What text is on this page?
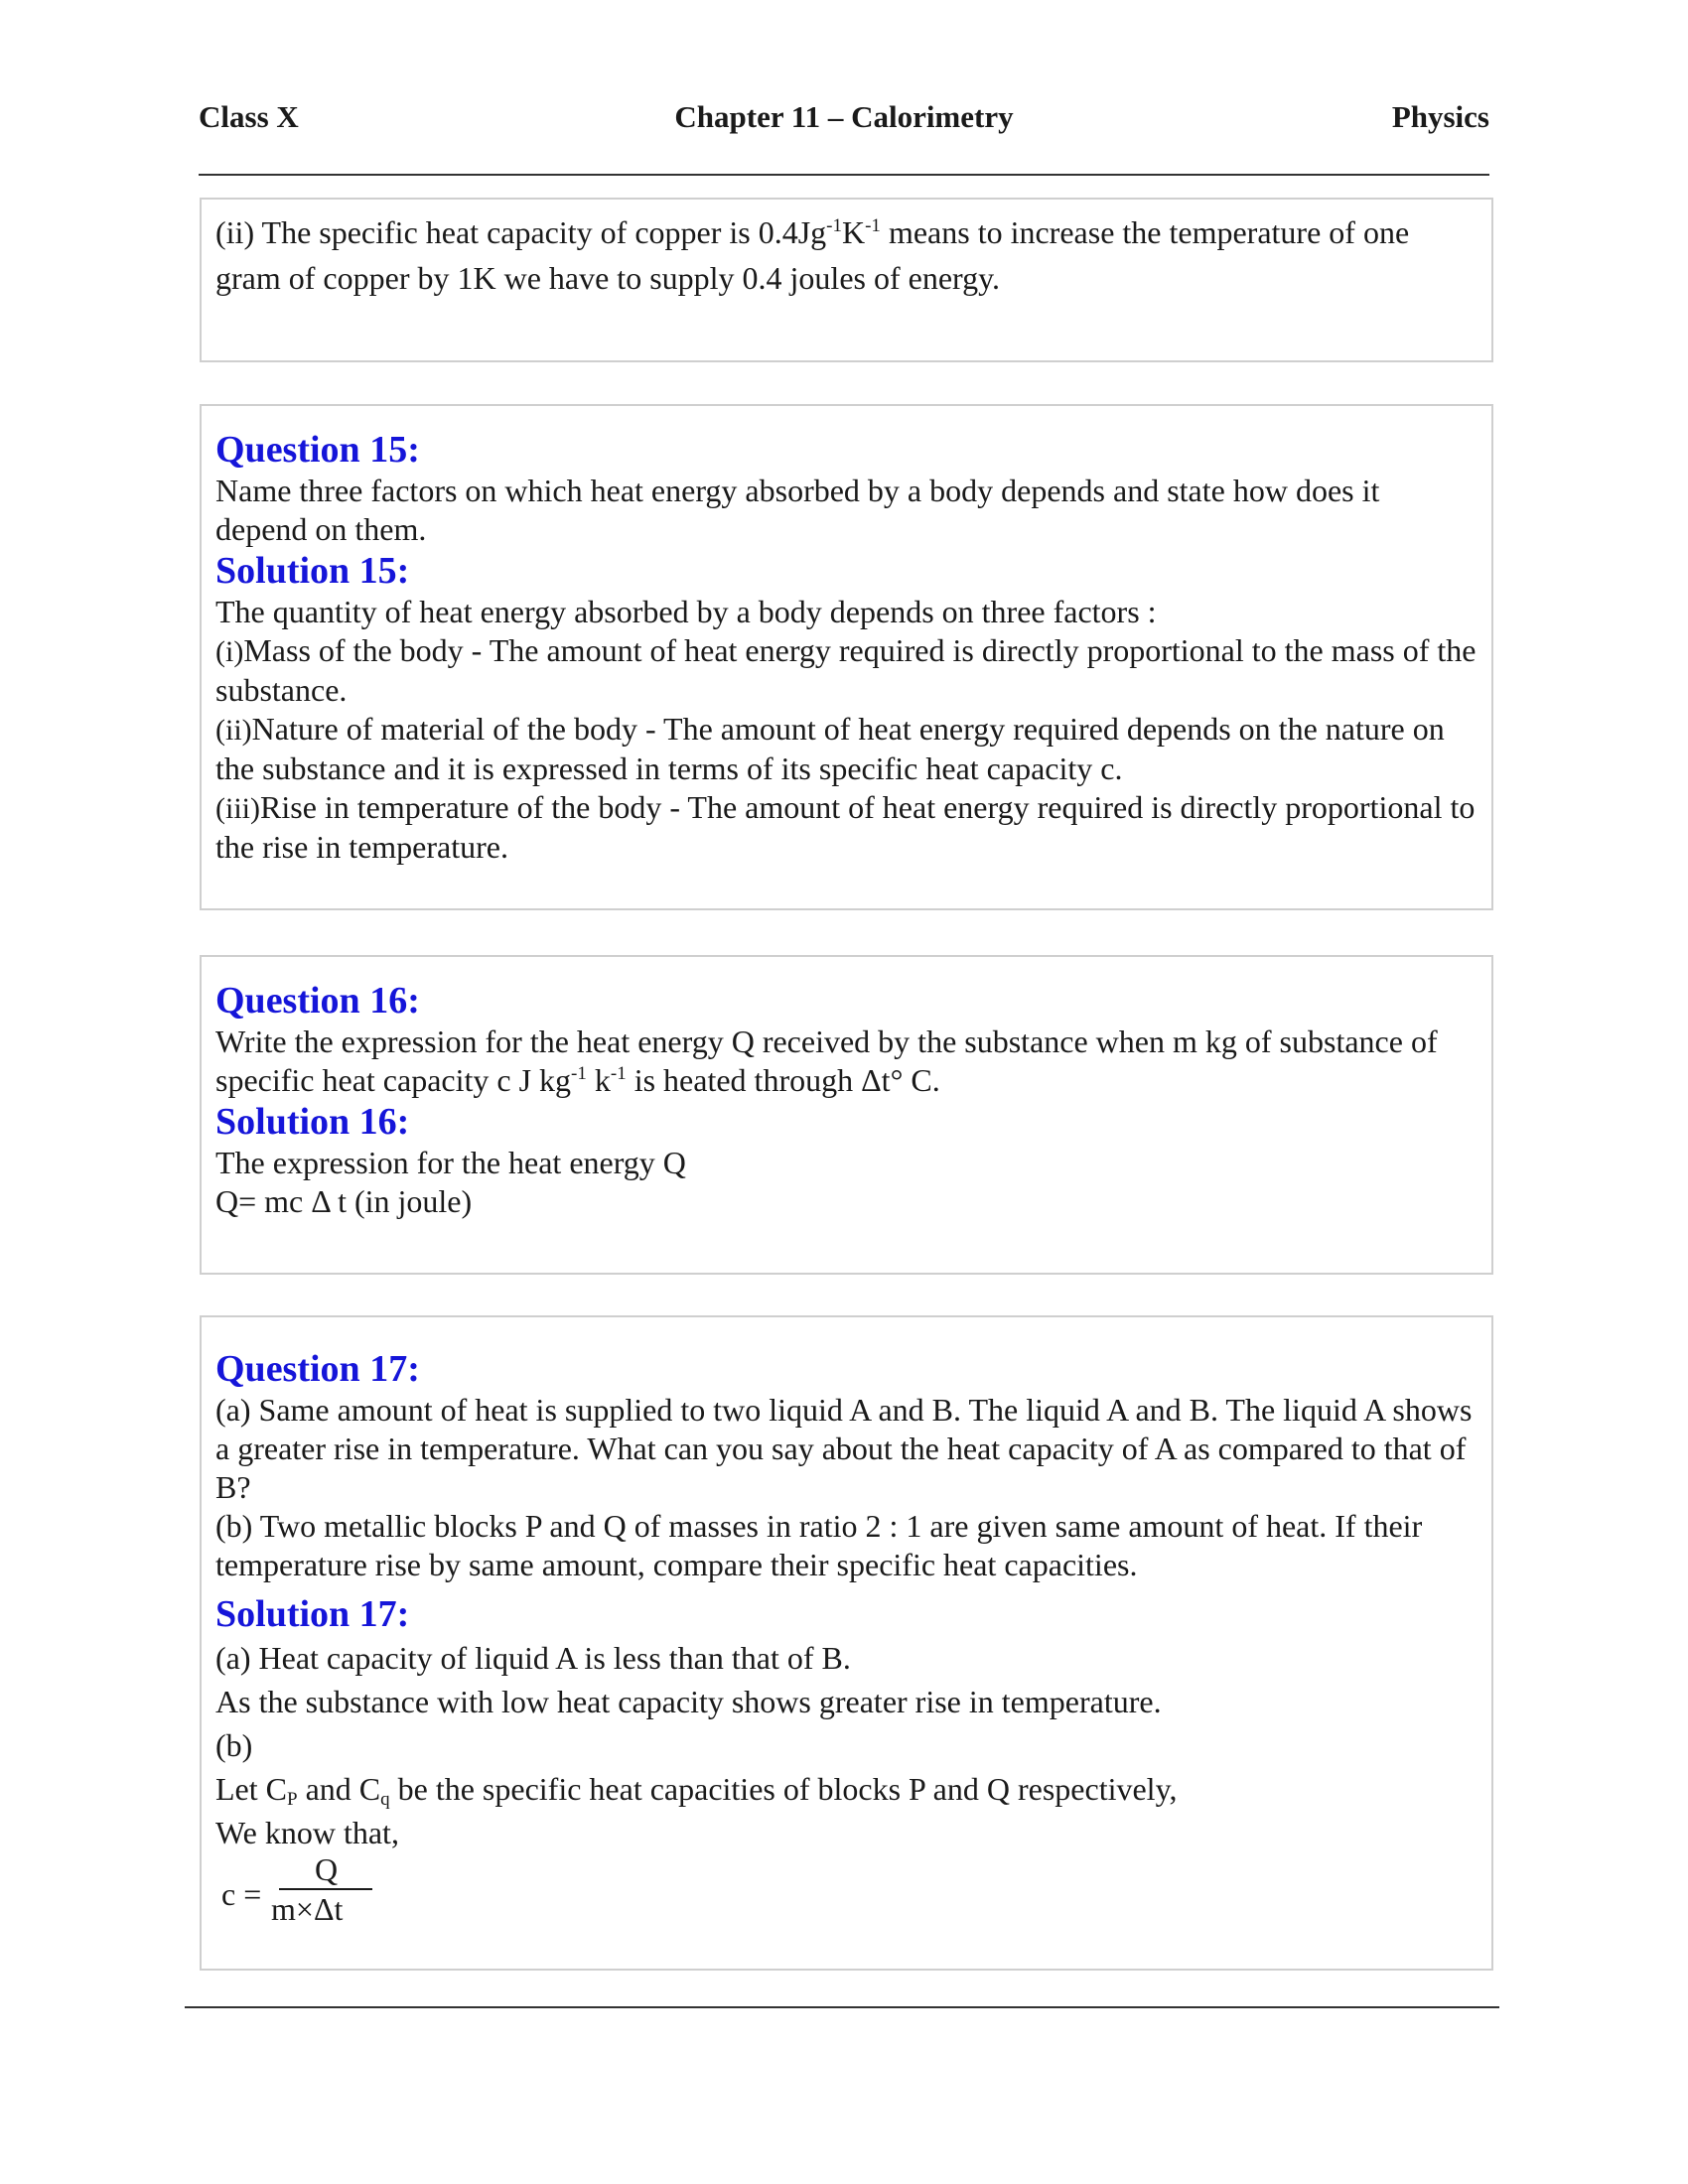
Class X	Chapter 11 – Calorimetry	Physics

(ii) The specific heat capacity of copper is $0.4Jg^{-1}K^{-1}$ means to increase the temperature of one gram of copper by 1K we have to supply 0.4 joules of energy.

Question 15:

Name three factors on which heat energy absorbed by a body depends and state how does it depend on them.

Solution 15:

The quantity of heat energy absorbed by a body depends on three factors :

(i)Mass of the body - The amount of heat energy required is directly proportional to the mass of the substance.

(ii)Nature of material of the body - The amount of heat energy required depends on the nature on the substance and it is expressed in terms of its specific heat capacity c.

(iii)Rise in temperature of the body - The amount of heat energy required is directly proportional to the rise in temperature.

Question 16:

Write the expression for the heat energy Q received by the substance when m kg of substance of specific heat capacity c J $kg^{-1}$ $k^{-1}$ is heated through Δt° C.

Solution 16:

The expression for the heat energy Q

Q= mc Δ t (in joule)

Question 17:

(a) Same amount of heat is supplied to two liquid A and B. The liquid A and B. The liquid A shows a greater rise in temperature. What can you say about the heat capacity of A as compared to that of B?

(b) Two metallic blocks P and Q of masses in ratio 2 : 1 are given same amount of heat. If their temperature rise by same amount, compare their specific heat capacities.

Solution 17:

(a) Heat capacity of liquid A is less than that of B.

As the substance with low heat capacity shows greater rise in temperature.

(b)

Let $C_P$ and $C_q$ be the specific heat capacities of blocks P and Q respectively,

We know that,

c =
Q
m×Δt
